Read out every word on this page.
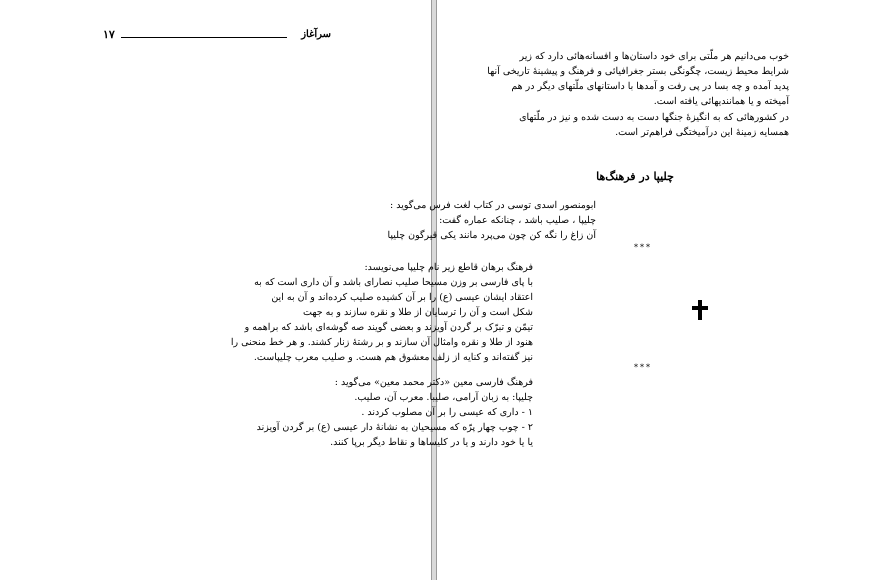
سرآغاز
۱۷
خوب می‌دانیم هر ملّتی برای خود داستان‌ها و افسانه‌هائی دارد که زیر
شرایط محیط زیست، چگونگی بستر جغرافیائی و فرهنگ و پیشینهٔ تاریخی آنها
پدید آمده و چه بسا در پی رفت و آمدها با داستانهای ملّتهای دیگر در هم
آمیخته و یا همانندیهائی یافته است.
در کشورهائی که به انگیزهٔ جنگها دست به دست شده و نیز در ملّتهای
همسایه زمینهٔ این درآمیختگی فراهم‌تر است.
چلیپا در فرهنگ‌ها
ابومنصور اسدی توسی در کتاب لغت فرس می‌گوید :
چلیپا ، صلیب باشد ، چنانکه عماره گفت:
آن زاغ را نگه کن چون می‌پرد مانند یکی قیرگون چلیپا
***
فرهنگ برهان قاطع زیر نام چلیپا می‌نویسد:
با پای فارسی بر وزن مسیحا صلیب نصارای باشد و آن داری است که به
اعتقاد ایشان عیسی (ع) را بر آن کشیده صلیب کرده‌اند و آن به این
شکل است و آن را ترسایان از طلا و نقره سازند و به جهت
تیمّن و تبرّک بر گردن آویزند و بعضی گویند صه گوشه‌ای باشد که براهمه و
هنود از طلا و نقره وامثال آن سازند و بر رشتهٔ زنار کشند. و هر خط منحنی را
نیز گفته‌اند و کنایه از زلف معشوق هم هست. و صلیب معرب چلیپاست.
***
فرهنگ فارسی معین «دکتر محمد معین» می‌گوید :
چلیپا: به زبان آرامی، صلیبا. معرب آن، صلیب.
۱ - داری که عیسی را بر آن مصلوب کردند .
۲ - چوب چهار پرّه که مسیحیان به نشانهٔ دار عیسی (ع) بر گردن آویزند
یا یا خود دارند و یا در کلیساها و نقاط دیگر برپا کنند.
